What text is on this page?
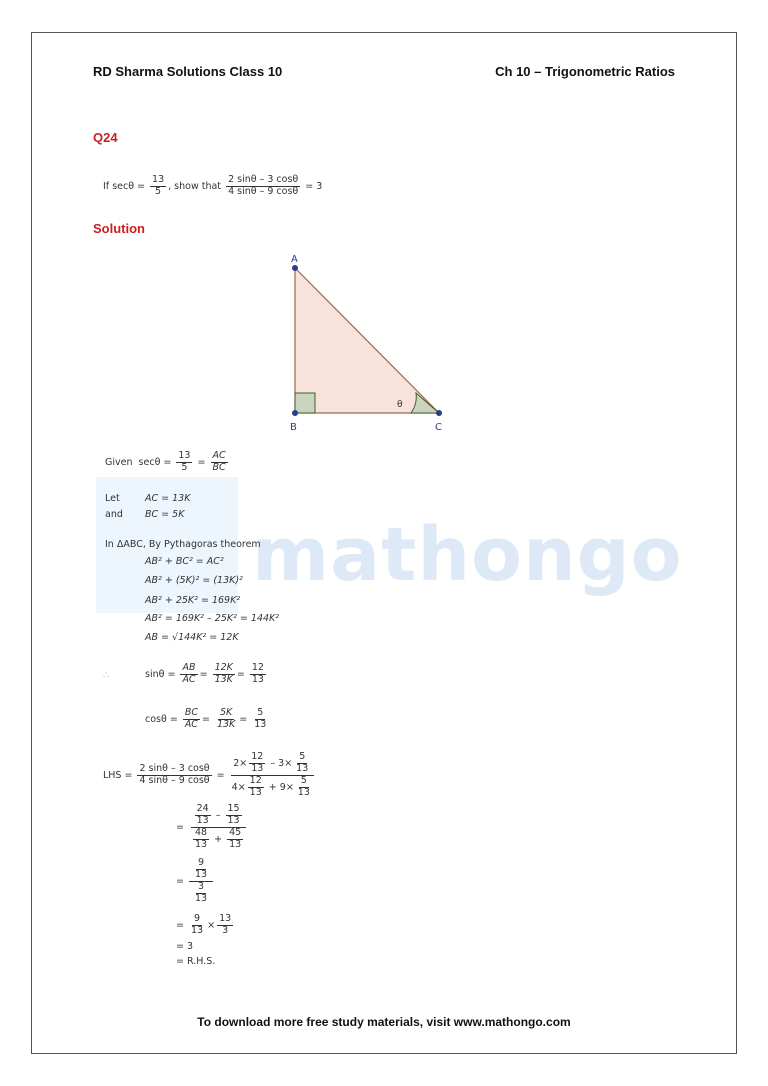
mathongo
RD Sharma Solutions Class 10	Ch 10 – Trigonometric Ratios
Q24
If $\sec\theta = \frac{13}{5}$ , show that $\frac{2 \sin\theta - 3 \cos\theta}{4 \sin\theta - 9 \cos\theta} = 3$
Solution
A
B	C
θ
Given $\sec\theta = \frac{13}{5} = \frac{AC}{BC}$
Let	AC = 13K
and BC = 5K
In ΔABC, By Pythagoras theorem
AB² + BC² = AC²
AB² + (5K)² = (13K)²
AB² + 25K² = 169K²
AB² = 169K² – 25K² = 144K²
AB = √144K² = 12K
∴	$\sin\theta = \frac{AB}{AC} = \frac{12K}{13K} = \frac{12}{13}$
$\cos\theta = \frac{BC}{AC} = \frac{5K}{13K} = \frac{5}{13}$
LHS = $\frac{2 \sin\theta - 3 \cos\theta}{4 \sin\theta - 9 \cos\theta} = \frac{2\times \frac{12}{13} - 3\times \frac{5}{13}}{4\times \frac{12}{13} + 9\times \frac{5}{13}}$
= $\frac{\frac{24}{13} - \frac{15}{13}}{\frac{48}{13} + \frac{45}{13}}$
= $\frac{\frac{9}{13}}{\frac{3}{13}}$
= $\frac{9}{13} \times \frac{13}{3}$
= 3
= R.H.S.
To download more free study materials, visit www.mathongo.com
